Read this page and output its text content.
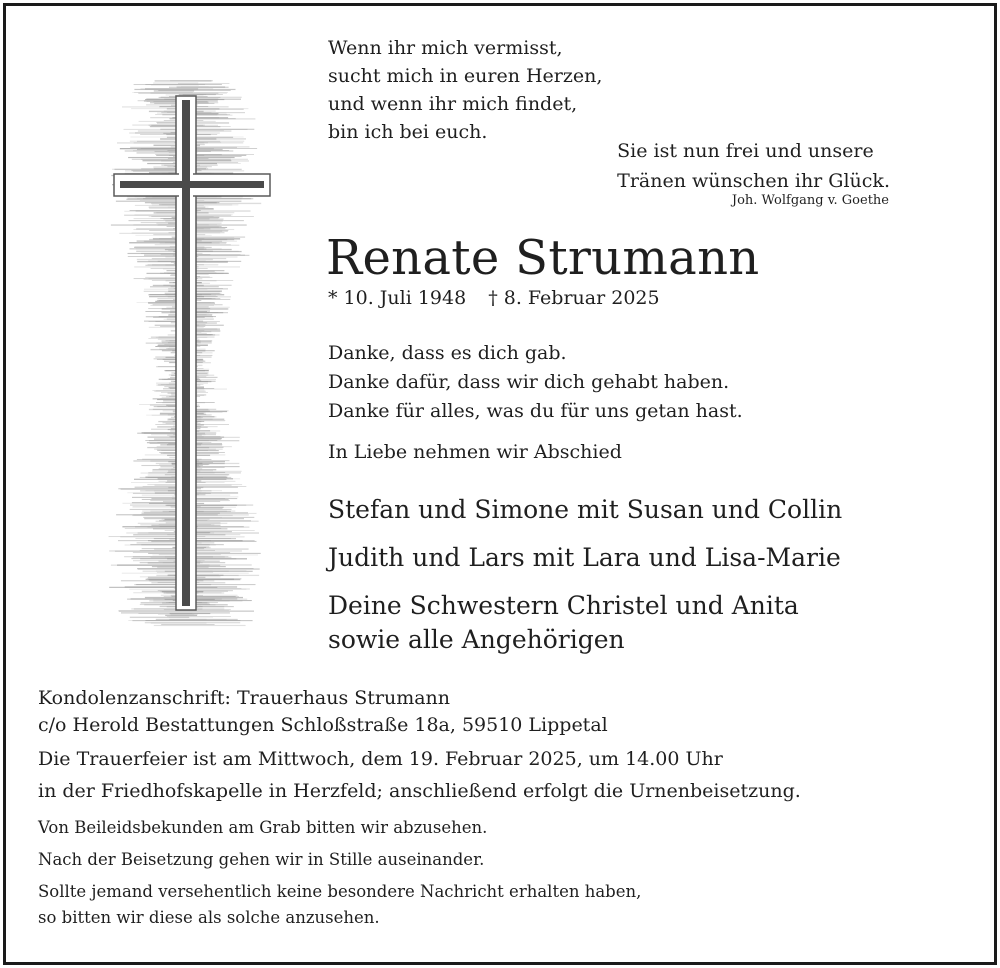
Wenn ihr mich vermisst,
sucht mich in euren Herzen,
und wenn ihr mich findet,
bin ich bei euch.
Sie ist nun frei und unsere
Tränen wünschen ihr Glück.
Joh. Wolfgang v. Goethe
Renate Strumann
* 10. Juli 1948 † 8. Februar 2025
Danke, dass es dich gab.
Danke dafür, dass wir dich gehabt haben.
Danke für alles, was du für uns getan hast.
In Liebe nehmen wir Abschied
Stefan und Simone mit Susan und Collin
Judith und Lars mit Lara und Lisa-Marie
Deine Schwestern Christel und Anita
sowie alle Angehörigen
Kondolenzanschrift: Trauerhaus Strumann
c/o Herold Bestattungen Schloßstraße 18a, 59510 Lippetal
Die Trauerfeier ist am Mittwoch, dem 19. Februar 2025, um 14.00 Uhr
in der Friedhofskapelle in Herzfeld; anschließend erfolgt die Urnenbeisetzung.
Von Beileidsbekunden am Grab bitten wir abzusehen.
Nach der Beisetzung gehen wir in Stille auseinander.
Sollte jemand versehentlich keine besondere Nachricht erhalten haben,
so bitten wir diese als solche anzusehen.
